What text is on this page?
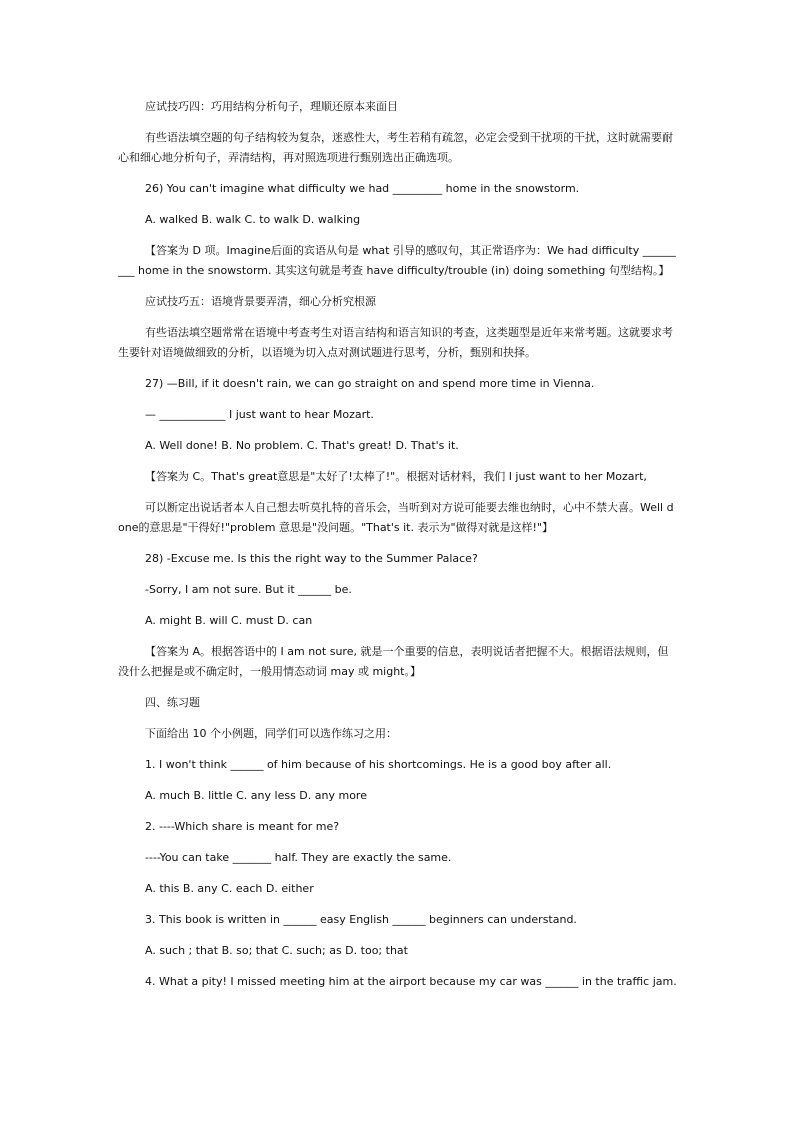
应试技巧四：巧用结构分析句子，理顺还原本来面目

有些语法填空题的句子结构较为复杂，迷惑性大，考生若稍有疏忽，必定会受到干扰项的干扰，这时就需要耐心和细心地分析句子，弄清结构，再对照选项进行甄别选出正确选项。

26) You can't imagine what difficulty we had _________ home in the snowstorm.

A. walked B. walk C. to walk D. walking

【答案为 D 项。Imagine后面的宾语从句是 what 引导的感叹句，其正常语序为：We had difficulty _________ home in the snowstorm. 其实这句就是考查 have difficulty/trouble (in) doing something 句型结构。】

应试技巧五：语境背景要弄清，细心分析究根源

有些语法填空题常常在语境中考查考生对语言结构和语言知识的考查，这类题型是近年来常考题。这就要求考生要针对语境做细致的分析，以语境为切入点对测试题进行思考，分析，甄别和抉择。

27) —Bill, if it doesn't rain, we can go straight on and spend more time in Vienna.

— ____________ I just want to hear Mozart.

A. Well done! B. No problem. C. That's great! D. That's it.

【答案为 C。That's great意思是"太好了!太棒了!"。根据对话材料，我们 I just want to her Mozart,

可以断定出说话者本人自己想去听莫扎特的音乐会，当听到对方说可能要去维也纳时，心中不禁大喜。Well done的意思是"干得好!"problem 意思是"没问题。"That's it. 表示为"做得对就是这样!"】

28) -Excuse me. Is this the right way to the Summer Palace?

-Sorry, I am not sure. But it ______ be.

A. might B. will C. must D. can

【答案为 A。根据答语中的 I am not sure, 就是一个重要的信息，表明说话者把握不大。根据语法规则，但没什么把握是或不确定时，一般用情态动词 may 或 might。】

四、练习题

下面给出 10 个小例题，同学们可以选作练习之用：

1. I won't think ______ of him because of his shortcomings. He is a good boy after all.

A. much B. little C. any less D. any more

2. ----Which share is meant for me?

----You can take _______ half. They are exactly the same.

A. this B. any C. each D. either

3. This book is written in ______ easy English ______ beginners can understand.

A. such ; that B. so; that C. such; as D. too; that

4. What a pity! I missed meeting him at the airport because my car was ______ in the traffic jam.
